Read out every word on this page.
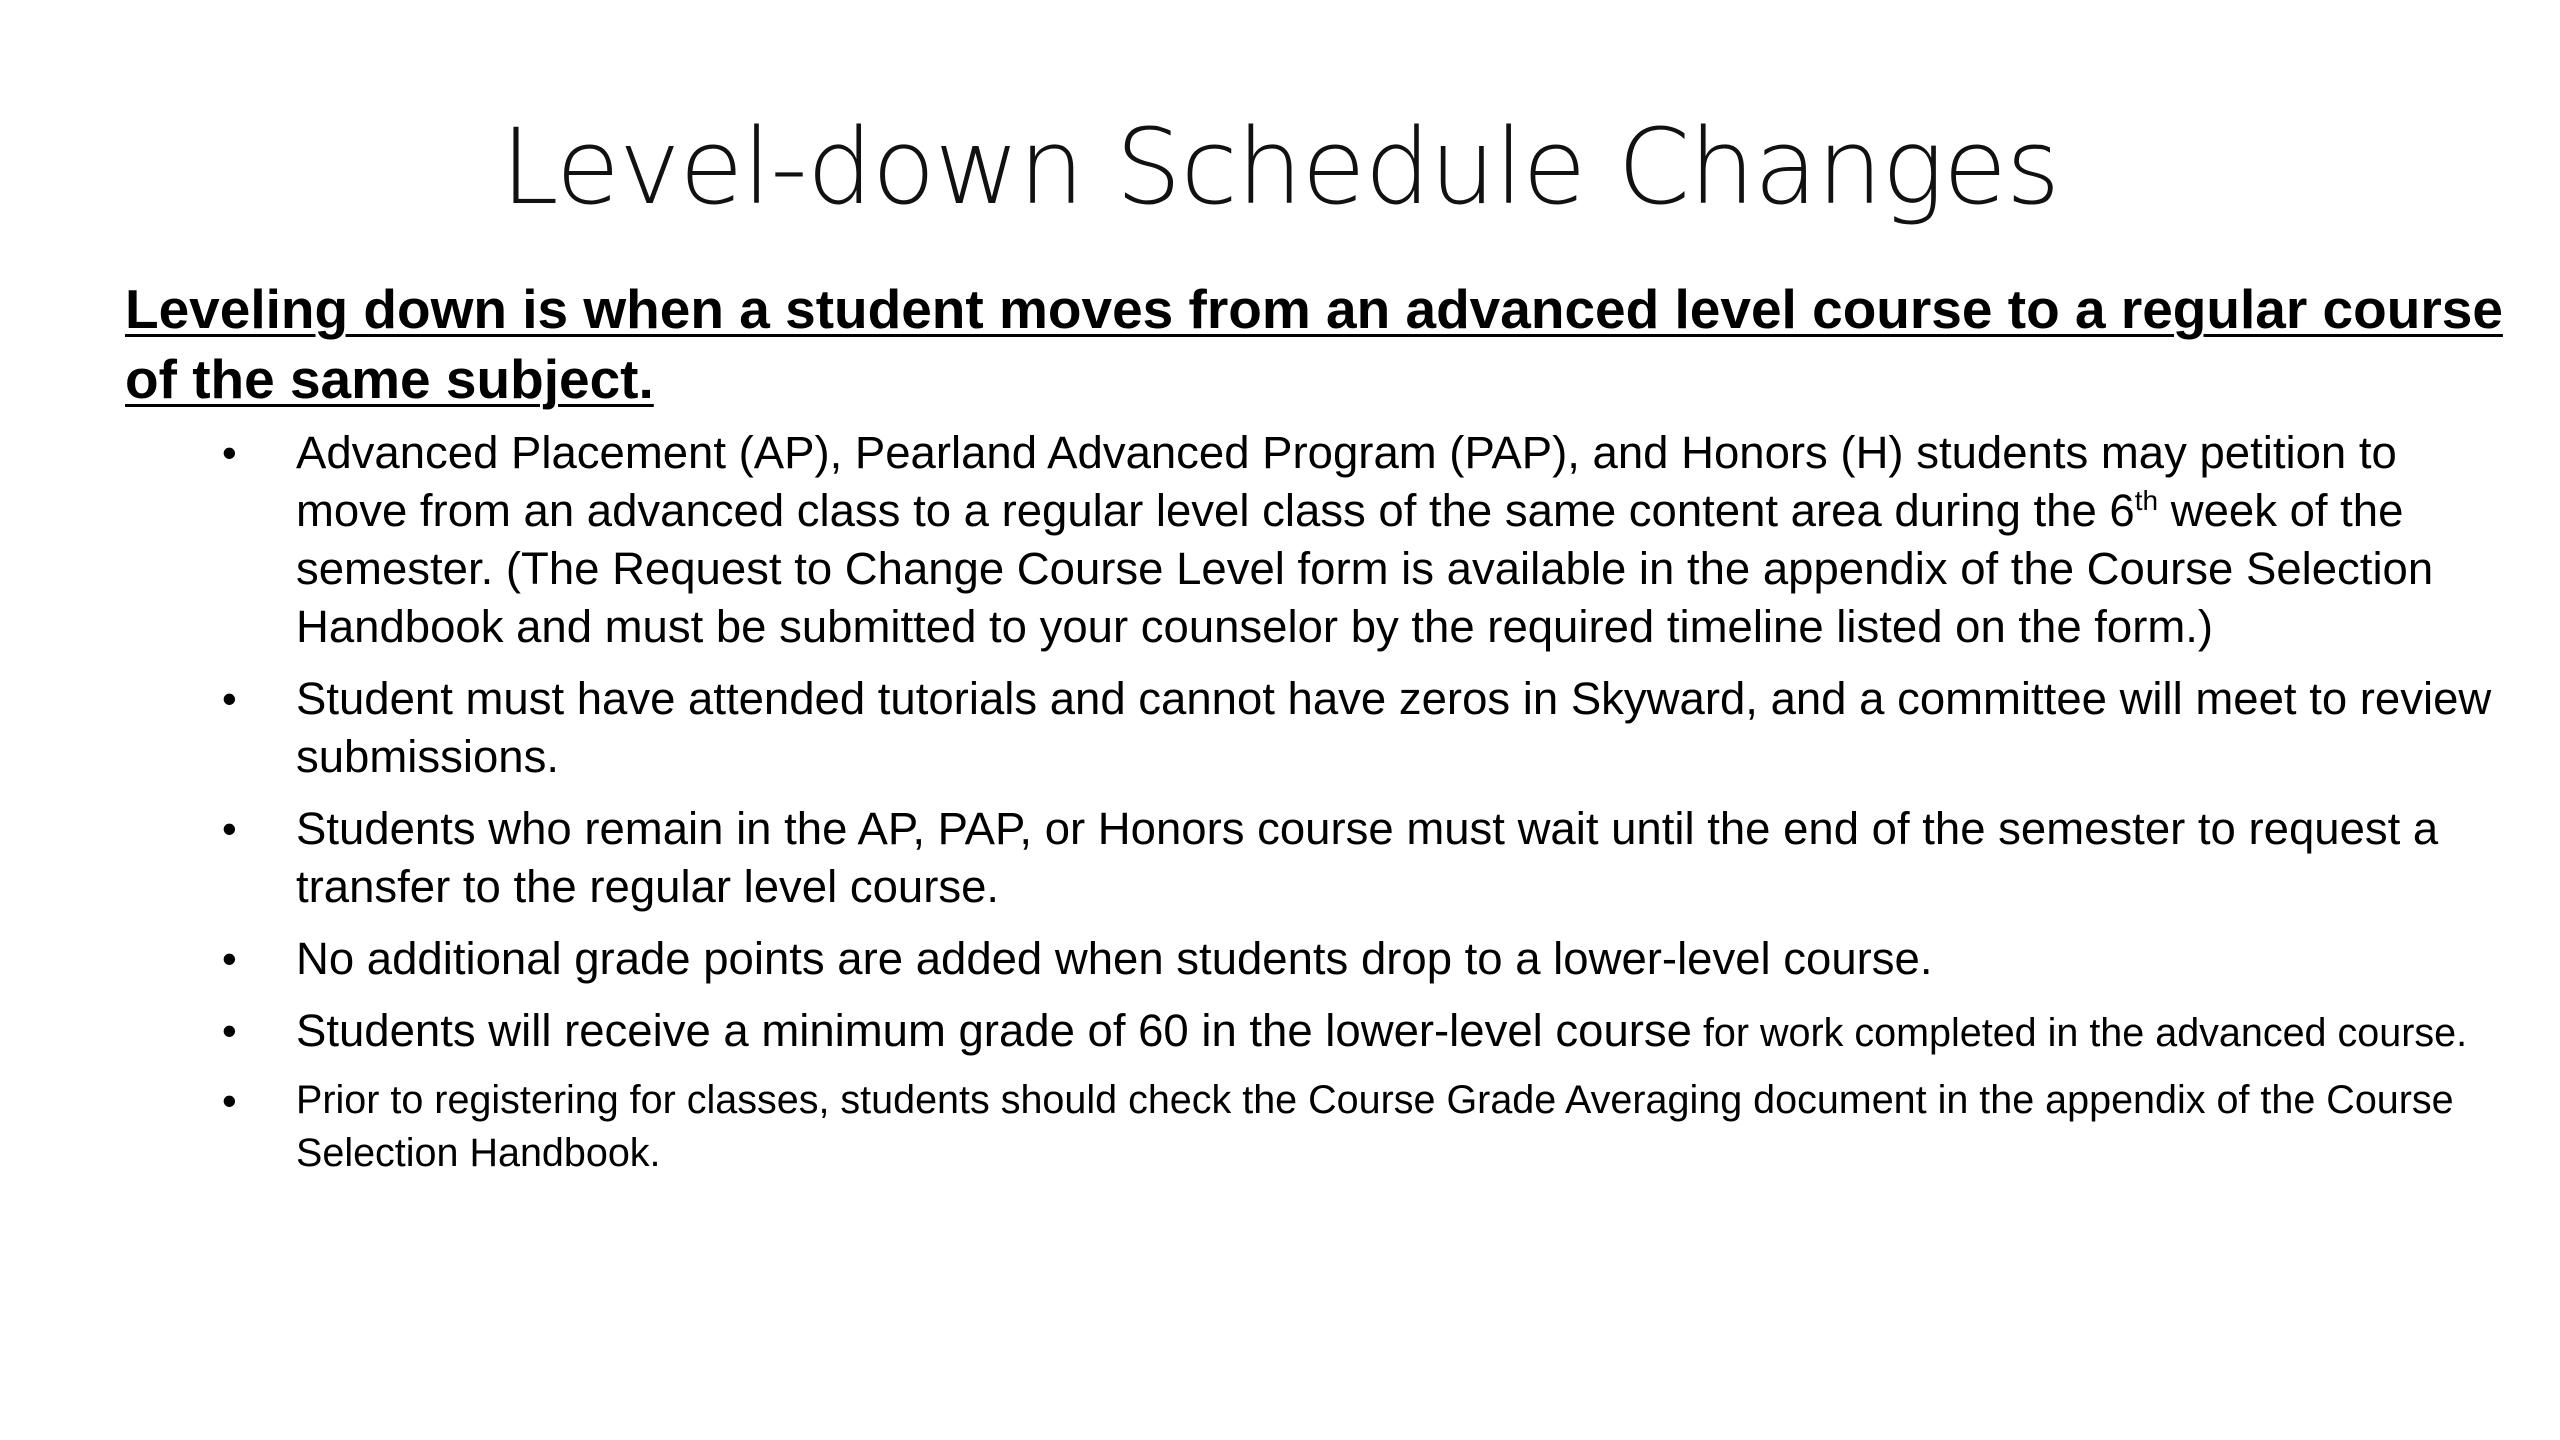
Level-down Schedule Changes
Leveling down is when a student moves from an advanced level course to a regular course of the same subject.
• Advanced Placement (AP), Pearland Advanced Program (PAP), and Honors (H) students may petition to move from an advanced class to a regular level class of the same content area during the 6th week of the semester. (The Request to Change Course Level form is available in the appendix of the Course Selection Handbook and must be submitted to your counselor by the required timeline listed on the form.)
• Student must have attended tutorials and cannot have zeros in Skyward, and a committee will meet to review submissions.
• Students who remain in the AP, PAP, or Honors course must wait until the end of the semester to request a transfer to the regular level course.
• No additional grade points are added when students drop to a lower-level course.
• Students will receive a minimum grade of 60 in the lower-level course for work completed in the advanced course.
• Prior to registering for classes, students should check the Course Grade Averaging document in the appendix of the Course Selection Handbook.
